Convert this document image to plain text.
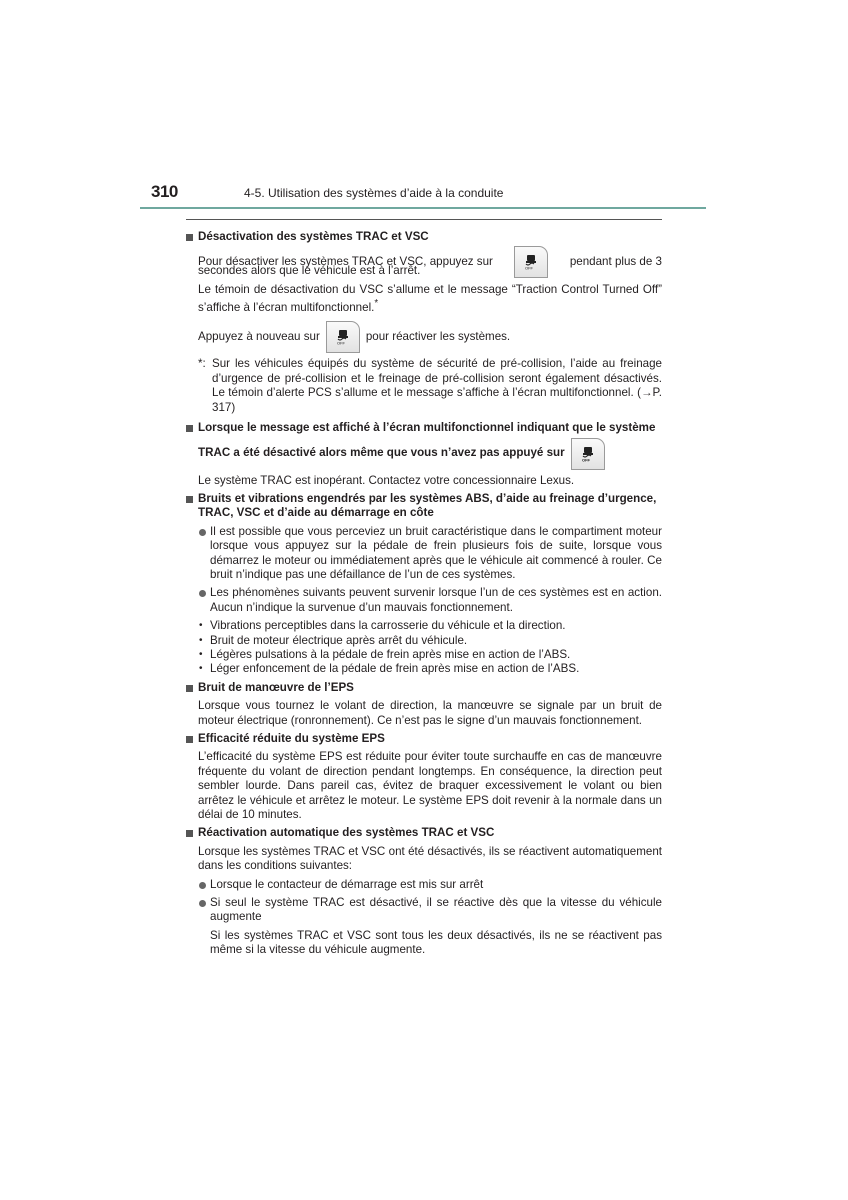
310	4-5. Utilisation des systèmes d’aide à la conduite
Désactivation des systèmes TRAC et VSC
Pour désactiver les systèmes TRAC et VSC, appuyez sur
OFF
pendant plus de 3
secondes alors que le véhicule est à l’arrêt.
Le témoin de désactivation du VSC s’allume et le message “Traction Control Turned Off” s’affiche à l’écran multifonctionnel.*
Appuyez à nouveau sur
OFF
pour réactiver les systèmes.
*: Sur les véhicules équipés du système de sécurité de pré-collision, l’aide au freinage d’urgence de pré-collision et le freinage de pré-collision seront également désactivés. Le témoin d’alerte PCS s’allume et le message s’affiche à l’écran multifonctionnel. (→P. 317)
Lorsque le message est affiché à l’écran multifonctionnel indiquant que le système
TRAC a été désactivé alors même que vous n’avez pas appuyé sur
OFF
Le système TRAC est inopérant. Contactez votre concessionnaire Lexus.
Bruits et vibrations engendrés par les systèmes ABS, d’aide au freinage d’urgence, TRAC, VSC et d’aide au démarrage en côte
Il est possible que vous perceviez un bruit caractéristique dans le compartiment moteur lorsque vous appuyez sur la pédale de frein plusieurs fois de suite, lorsque vous démarrez le moteur ou immédiatement après que le véhicule ait commencé à rouler. Ce bruit n’indique pas une défaillance de l’un de ces systèmes.
Les phénomènes suivants peuvent survenir lorsque l’un de ces systèmes est en action. Aucun n’indique la survenue d’un mauvais fonctionnement.
• Vibrations perceptibles dans la carrosserie du véhicule et la direction.
• Bruit de moteur électrique après arrêt du véhicule.
• Légères pulsations à la pédale de frein après mise en action de l’ABS.
• Léger enfoncement de la pédale de frein après mise en action de l’ABS.
Bruit de manœuvre de l’EPS
Lorsque vous tournez le volant de direction, la manœuvre se signale par un bruit de moteur électrique (ronronnement). Ce n’est pas le signe d’un mauvais fonctionnement.
Efficacité réduite du système EPS
L’efficacité du système EPS est réduite pour éviter toute surchauffe en cas de manœuvre fréquente du volant de direction pendant longtemps. En conséquence, la direction peut sembler lourde. Dans pareil cas, évitez de braquer excessivement le volant ou bien arrêtez le véhicule et arrêtez le moteur. Le système EPS doit revenir à la normale dans un délai de 10 minutes.
Réactivation automatique des systèmes TRAC et VSC
Lorsque les systèmes TRAC et VSC ont été désactivés, ils se réactivent automatiquement dans les conditions suivantes:
Lorsque le contacteur de démarrage est mis sur arrêt
Si seul le système TRAC est désactivé, il se réactive dès que la vitesse du véhicule augmente
Si les systèmes TRAC et VSC sont tous les deux désactivés, ils ne se réactivent pas même si la vitesse du véhicule augmente.
